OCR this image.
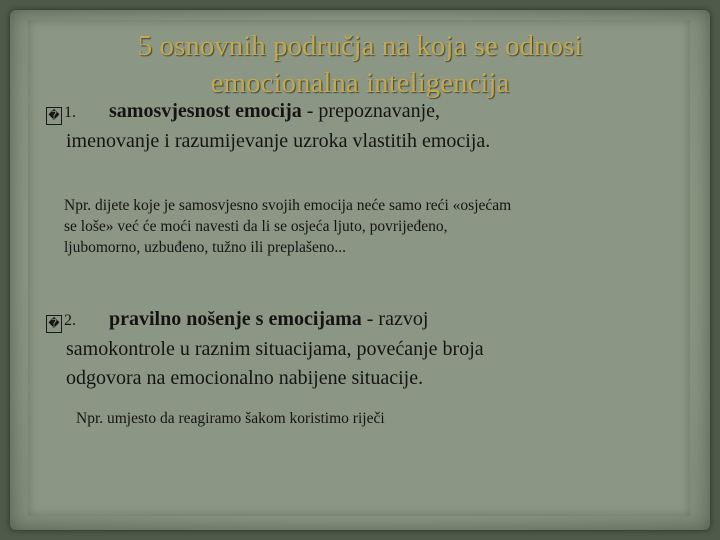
5 osnovnih područja na koja se odnosi
emocionalna inteligencija
� 1. samosvjesnost emocija - prepoznavanje,
imenovanje i razumijevanje uzroka vlastitih emocija.
Npr. dijete koje je samosvjesno svojih emocija neće samo reći «osjećam
se loše» već će moći navesti da li se osjeća ljuto, povrijeđeno,
ljubomorno, uzbuđeno, tužno ili preplašeno...
� 2. pravilno nošenje s emocijama - razvoj
samokontrole u raznim situacijama, povećanje broja
odgovora na emocionalno nabijene situacije.
Npr. umjesto da reagiramo šakom koristimo riječi
